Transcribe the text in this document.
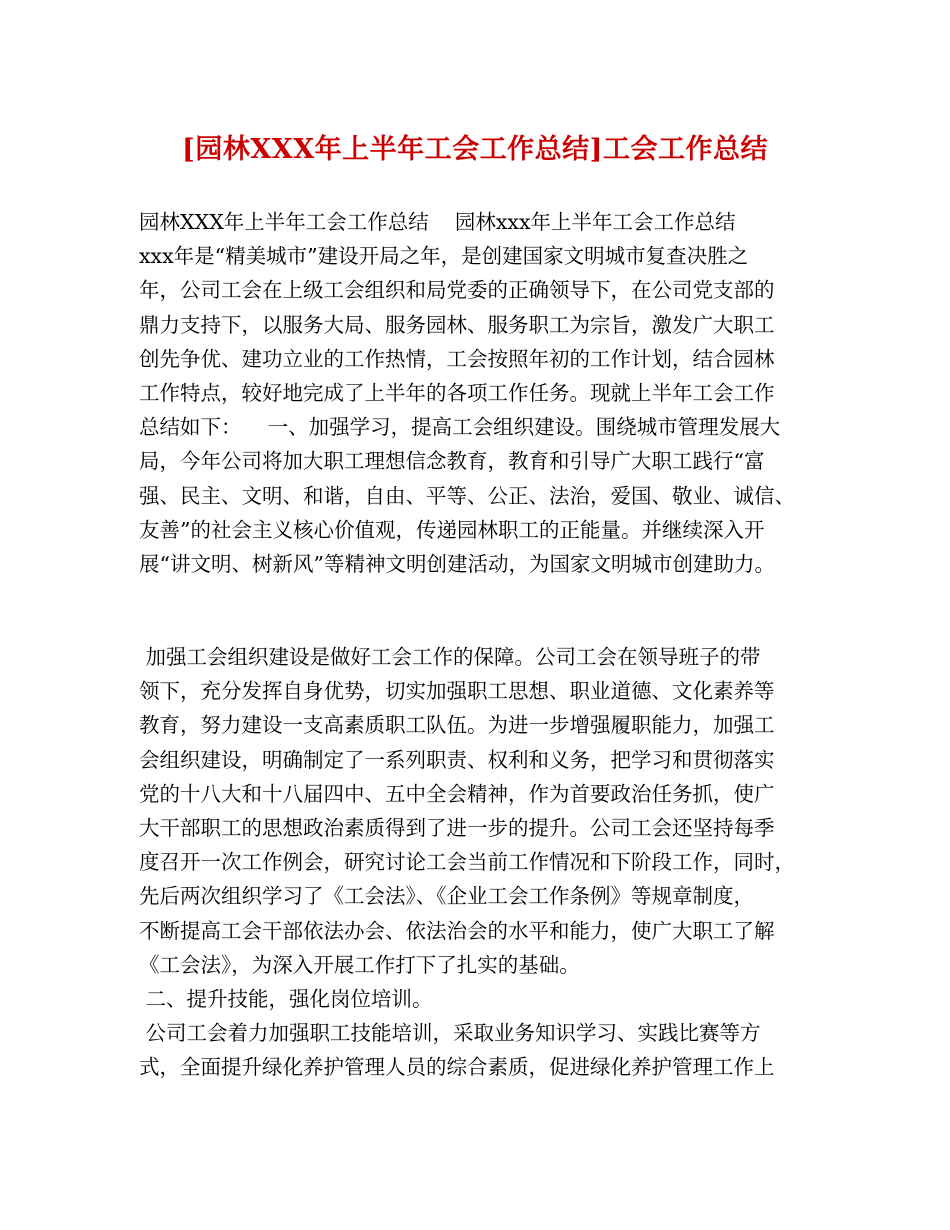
[园林XXX年上半年工会工作总结]工会工作总结
园林XXX年上半年工会工作总结    园林xxx年上半年工会工作总结
xxx年是“精美城市”建设开局之年，是创建国家文明城市复查决胜之
年，公司工会在上级工会组织和局党委的正确领导下，在公司党支部的
鼎力支持下，以服务大局、服务园林、服务职工为宗旨，激发广大职工
创先争优、建功立业的工作热情，工会按照年初的工作计划，结合园林
工作特点，较好地完成了上半年的各项工作任务。现就上半年工会工作
总结如下：    一、加强学习，提高工会组织建设。围绕城市管理发展大
局，今年公司将加大职工理想信念教育，教育和引导广大职工践行“富
强、民主、文明、和谐，自由、平等、公正、法治，爱国、敬业、诚信、
友善”的社会主义核心价值观，传递园林职工的正能量。并继续深入开
展“讲文明、树新风”等精神文明创建活动，为国家文明城市创建助力。
加强工会组织建设是做好工会工作的保障。公司工会在领导班子的带
领下，充分发挥自身优势，切实加强职工思想、职业道德、文化素养等
教育，努力建设一支高素质职工队伍。为进一步增强履职能力，加强工
会组织建设，明确制定了一系列职责、权利和义务，把学习和贯彻落实
党的十八大和十八届四中、五中全会精神，作为首要政治任务抓，使广
大干部职工的思想政治素质得到了进一步的提升。公司工会还坚持每季
度召开一次工作例会，研究讨论工会当前工作情况和下阶段工作，同时，
先后两次组织学习了《工会法》、《企业工会工作条例》等规章制度，
不断提高工会干部依法办会、依法治会的水平和能力，使广大职工了解
《工会法》，为深入开展工作打下了扎实的基础。
二、提升技能，强化岗位培训。
公司工会着力加强职工技能培训，采取业务知识学习、实践比赛等方
式，全面提升绿化养护管理人员的综合素质，促进绿化养护管理工作上
